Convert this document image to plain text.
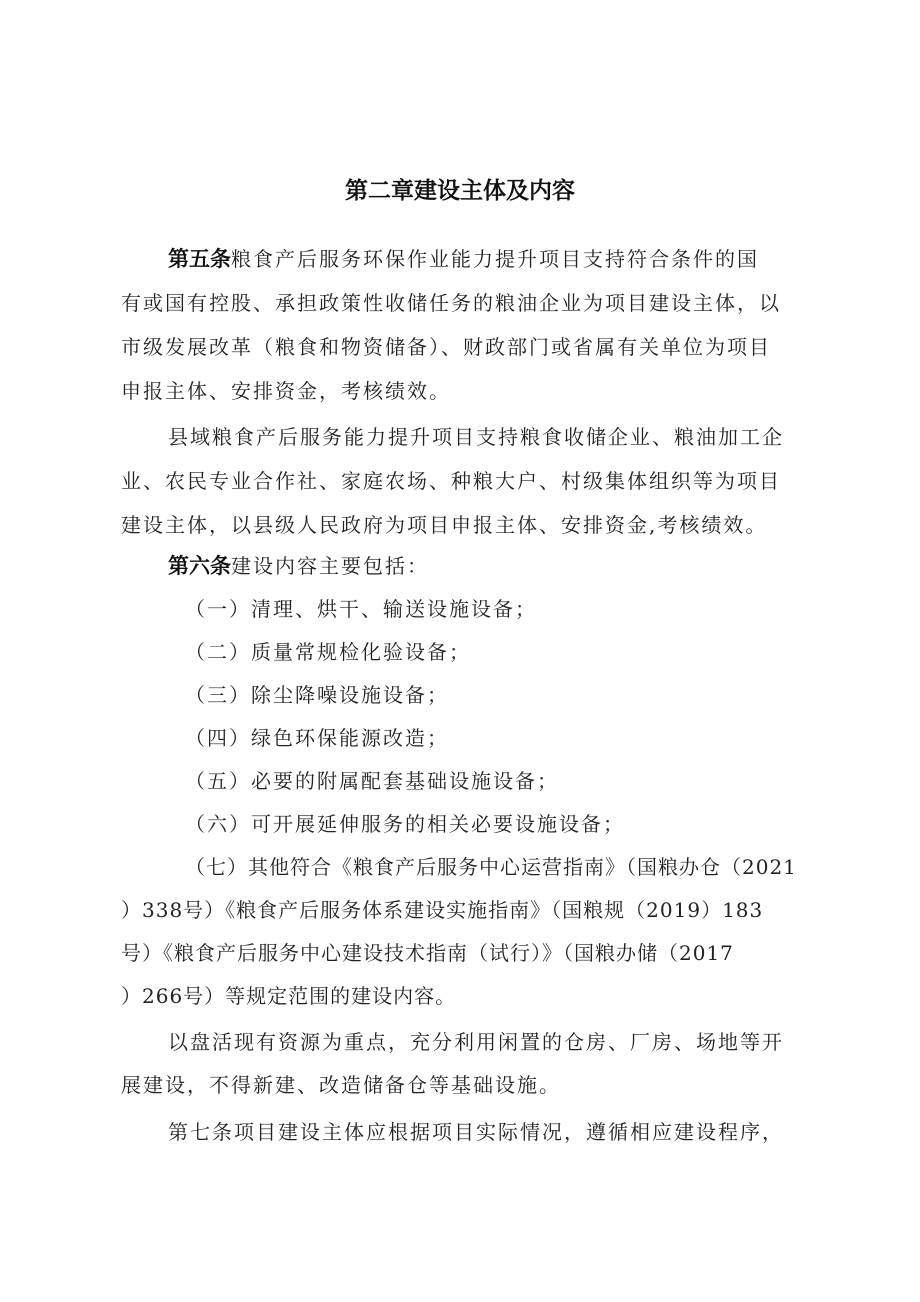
第二章建设主体及内容
第五条粮食产后服务环保作业能力提升项目支持符合条件的国
有或国有控股、承担政策性收储任务的粮油企业为项目建设主体，以
市级发展改革（粮食和物资储备）、财政部门或省属有关单位为项目
申报主体、安排资金，考核绩效。
县域粮食产后服务能力提升项目支持粮食收储企业、粮油加工企
业、农民专业合作社、家庭农场、种粮大户、村级集体组织等为项目
建设主体，以县级人民政府为项目申报主体、安排资金,考核绩效。
第六条建设内容主要包括：
（一）清理、烘干、输送设施设备；
（二）质量常规检化验设备；
（三）除尘降噪设施设备；
（四）绿色环保能源改造；
（五）必要的附属配套基础设施设备；
（六）可开展延伸服务的相关必要设施设备；
（七）其他符合《粮食产后服务中心运营指南》（国粮办仓（2021
）338号）《粮食产后服务体系建设实施指南》（国粮规（2019）183
号）《粮食产后服务中心建设技术指南（试行）》（国粮办储（2017
）266号）等规定范围的建设内容。
以盘活现有资源为重点，充分利用闲置的仓房、厂房、场地等开
展建设，不得新建、改造储备仓等基础设施。
第七条项目建设主体应根据项目实际情况，遵循相应建设程序，
